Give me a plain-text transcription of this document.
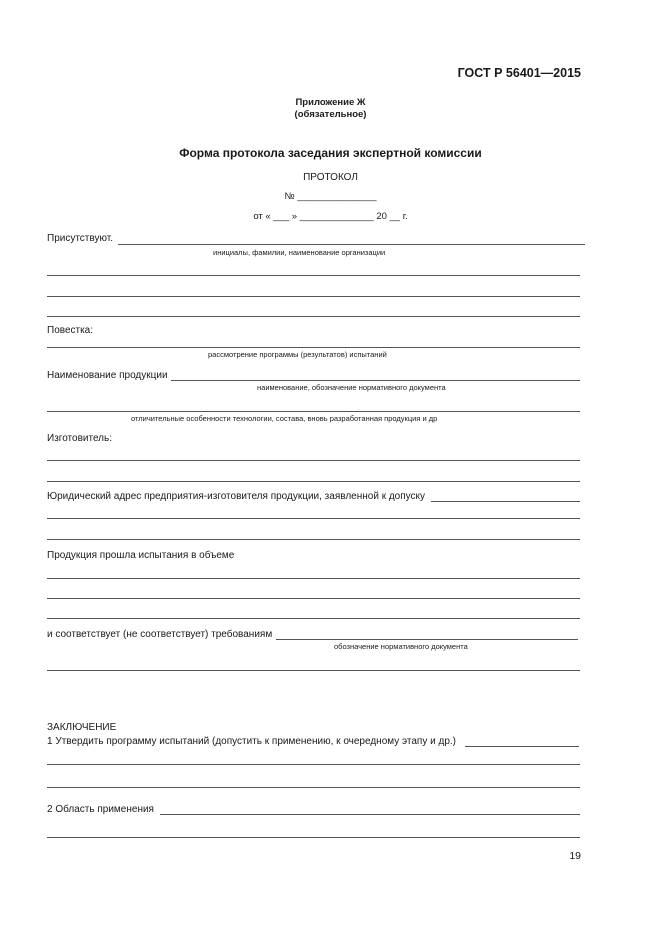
ГОСТ Р 56401—2015
Приложение Ж
(обязательное)
Форма протокола заседания экспертной комиссии
ПРОТОКОЛ
№ _______________
от « ___ » ______________ 20 __ г.
Присутствуют.
инициалы, фамилии, наименование организации
Повестка:
рассмотрение программы (результатов) испытаний
Наименование продукции
наименование, обозначение нормативного документа
отличительные особенности технологии, состава, вновь разработанная продукция и др
Изготовитель:
Юридический адрес предприятия-изготовителя продукции, заявленной к допуску
Продукция прошла испытания в объеме
и соответствует (не соответствует) требованиям
обозначение нормативного документа
ЗАКЛЮЧЕНИЕ
1 Утвердить программу испытаний (допустить к применению, к очередному этапу и др.)
2 Область применения
19
